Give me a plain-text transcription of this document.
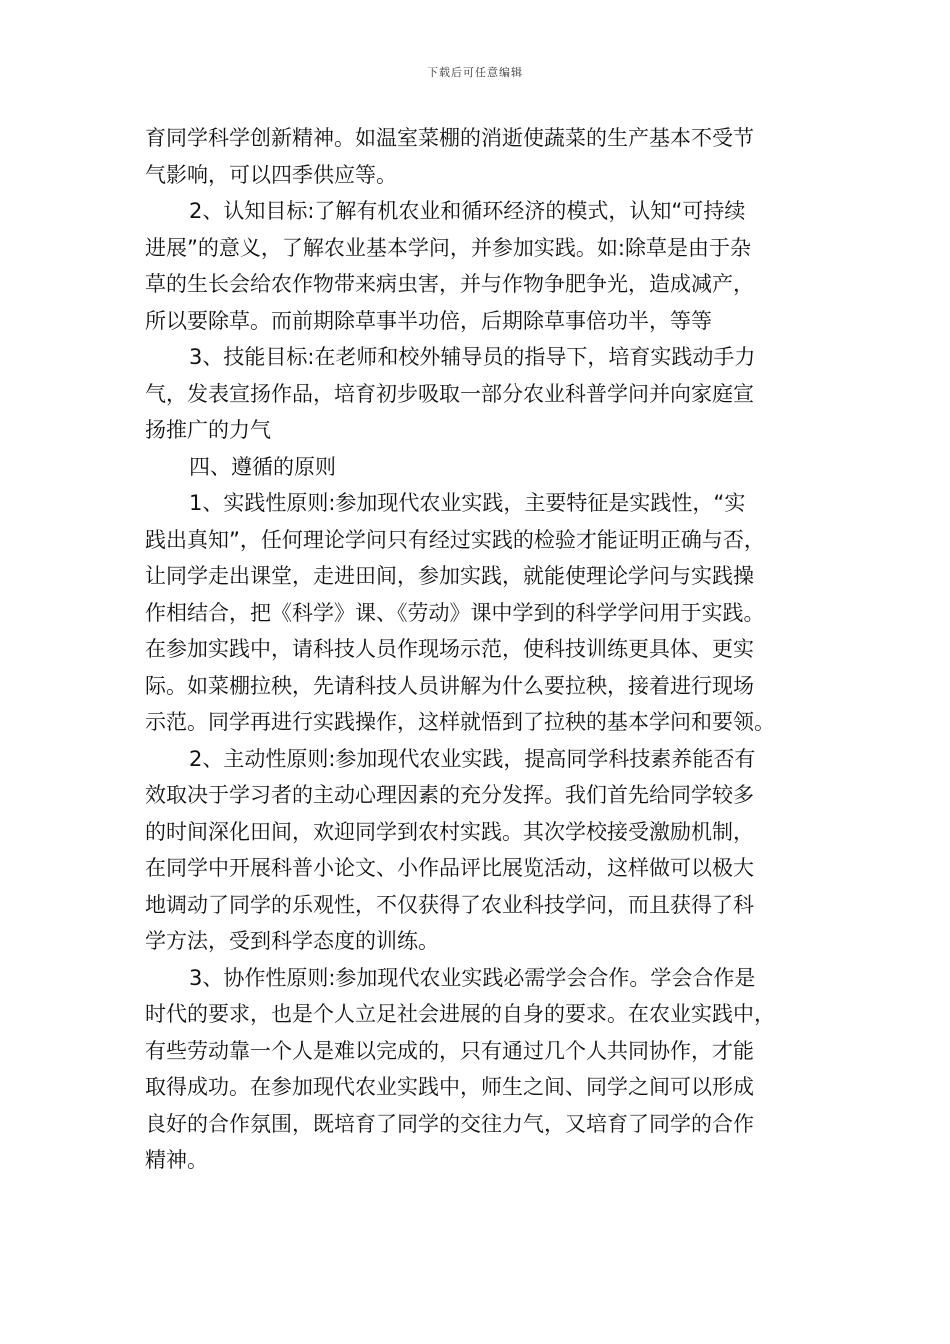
下载后可任意编辑
育同学科学创新精神。如温室菜棚的消逝使蔬菜的生产基本不受节
气影响，可以四季供应等。
2、认知目标:了解有机农业和循环经济的模式，认知“可持续
进展”的意义，了解农业基本学问，并参加实践。如:除草是由于杂
草的生长会给农作物带来病虫害，并与作物争肥争光，造成减产，
所以要除草。而前期除草事半功倍，后期除草事倍功半，等等
3、技能目标:在老师和校外辅导员的指导下，培育实践动手力
气，发表宣扬作品，培育初步吸取一部分农业科普学问并向家庭宣
扬推广的力气
四、遵循的原则
1、实践性原则:参加现代农业实践，主要特征是实践性，“实
践出真知”，任何理论学问只有经过实践的检验才能证明正确与否，
让同学走出课堂，走进田间，参加实践，就能使理论学问与实践操
作相结合，把《科学》课、《劳动》课中学到的科学学问用于实践。
在参加实践中，请科技人员作现场示范，使科技训练更具体、更实
际。如菜棚拉秧，先请科技人员讲解为什么要拉秧，接着进行现场
示范。同学再进行实践操作，这样就悟到了拉秧的基本学问和要领。
2、主动性原则:参加现代农业实践，提高同学科技素养能否有
效取决于学习者的主动心理因素的充分发挥。我们首先给同学较多
的时间深化田间，欢迎同学到农村实践。其次学校接受激励机制，
在同学中开展科普小论文、小作品评比展览活动，这样做可以极大
地调动了同学的乐观性，不仅获得了农业科技学问，而且获得了科
学方法，受到科学态度的训练。
3、协作性原则:参加现代农业实践必需学会合作。学会合作是
时代的要求，也是个人立足社会进展的自身的要求。在农业实践中，
有些劳动靠一个人是难以完成的，只有通过几个人共同协作，才能
取得成功。在参加现代农业实践中，师生之间、同学之间可以形成
良好的合作氛围，既培育了同学的交往力气，又培育了同学的合作
精神。
